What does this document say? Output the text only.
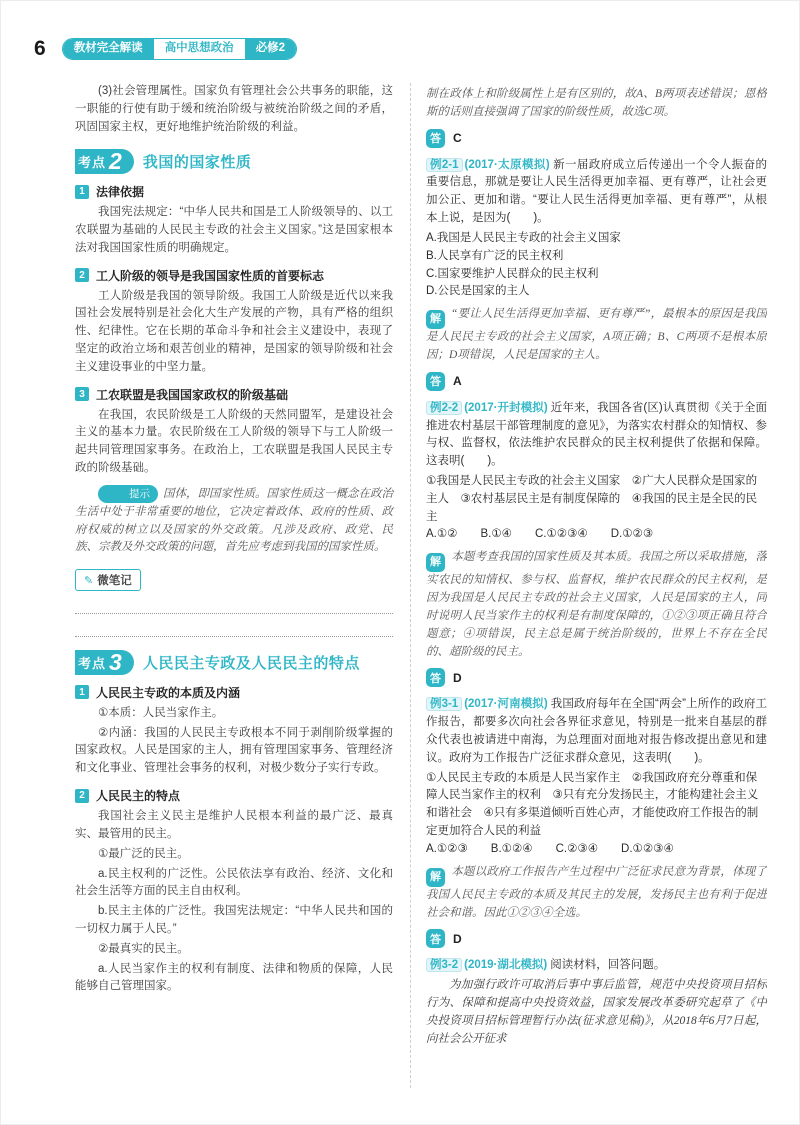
6	教材完全解读	高中思想政治	必修2

(3)社会管理属性。国家负有管理社会公共事务的职能，这一职能的行使有助于缓和统治阶级与被统治阶级之间的矛盾，巩固国家主权，更好地维护统治阶级的利益。

考点 2 我国的国家性质
1 法律依据

我国宪法规定：“中华人民共和国是工人阶级领导的、以工农联盟为基础的人民民主专政的社会主义国家。”这是国家根本法对我国国家性质的明确规定。

2 工人阶级的领导是我国国家性质的首要标志

工人阶级是我国的领导阶级。我国工人阶级是近代以来我国社会发展特别是社会化大生产发展的产物，具有严格的组织性、纪律性。它在长期的革命斗争和社会主义建设中，表现了坚定的政治立场和艰苦创业的精神，是国家的领导阶级和社会主义建设事业的中坚力量。

3 工农联盟是我国国家政权的阶级基础

在我国，农民阶级是工人阶级的天然同盟军，是建设社会主义的基本力量。农民阶级在工人阶级的领导下与工人阶级一起共同管理国家事务。在政治上，工农联盟是我国人民民主专政的阶级基础。

提示 国体，即国家性质。国家性质这一概念在政治生活中处于非常重要的地位，它决定着政体、政府的性质、政府权威的树立以及国家的外交政策。凡涉及政府、政党、民族、宗教及外交政策的问题，首先应考虑到我国的国家性质。

✎ 微笔记
考点 3 人民民主专政及人民民主的特点
1 人民民主专政的本质及内涵

①本质：人民当家作主。

②内涵：我国的人民民主专政根本不同于剥削阶级掌握的国家政权。人民是国家的主人，拥有管理国家事务、管理经济和文化事业、管理社会事务的权利，对极少数分子实行专政。

2 人民民主的特点

我国社会主义民主是维护人民根本利益的最广泛、最真实、最管用的民主。

①最广泛的民主。

a.民主权利的广泛性。公民依法享有政治、经济、文化和社会生活等方面的民主自由权利。

b.民主主体的广泛性。我国宪法规定：“中华人民共和国的一切权力属于人民。”

②最真实的民主。

a.人民当家作主的权利有制度、法律和物质的保障，人民能够自己管理国家。

制在政体上和阶级属性上是有区别的，故A、B两项表述错误；恩格斯的话则直接强调了国家的阶级性质，故选C项。

答	C

例2-1 (2017·太原模拟) 新一届政府成立后传递出一个令人振奋的重要信息，那就是要让人民生活得更加幸福、更有尊严，让社会更加公正、更加和谐。“要让人民生活得更加幸福、更有尊严”，从根本上说，是因为(　　)。

A.我国是人民民主专政的社会主义国家

B.人民享有广泛的民主权利

C.国家要维护人民群众的民主权利

D.公民是国家的主人

解 “要让人民生活得更加幸福、更有尊严”，最根本的原因是我国是人民民主专政的社会主义国家，A项正确；B、C两项不是根本原因；D项错误，人民是国家的主人。

答	A

例2-2 (2017·开封模拟) 近年来，我国各省(区)认真贯彻《关于全面推进农村基层干部管理制度的意见》，为落实农村群众的知情权、参与权、监督权，依法维护农民群众的民主权利提供了依据和保障。这表明(　　)。

①我国是人民民主专政的社会主义国家　②广大人民群众是国家的主人　③农村基层民主是有制度保障的　④我国的民主是全民的民主

A.①②　　B.①④　　C.①②③④　　D.①②③

解 本题考查我国的国家性质及其本质。我国之所以采取措施，落实农民的知情权、参与权、监督权，维护农民群众的民主权利，是因为我国是人民民主专政的社会主义国家，人民是国家的主人，同时说明人民当家作主的权利是有制度保障的，①②③项正确且符合题意；④项错误，民主总是属于统治阶级的，世界上不存在全民的、超阶级的民主。

答	D

例3-1 (2017·河南模拟) 我国政府每年在全国“两会”上所作的政府工作报告，都要多次向社会各界征求意见，特别是一批来自基层的群众代表也被请进中南海，为总理面对面地对报告修改提出意见和建议。政府为工作报告广泛征求群众意见，这表明(　　)。

①人民民主专政的本质是人民当家作主　②我国政府充分尊重和保障人民当家作主的权利　③只有充分发扬民主，才能构建社会主义和谐社会　④只有多渠道倾听百姓心声，才能使政府工作报告的制定更加符合人民的利益

A.①②③　　B.①②④　　C.②③④　　D.①②③④

解 本题以政府工作报告产生过程中广泛征求民意为背景，体现了我国人民民主专政的本质及其民主的发展，发扬民主也有利于促进社会和谐。因此①②③④全选。

答	D

例3-2 (2019·湖北模拟) 阅读材料，回答问题。

为加强行政许可取消后事中事后监管，规范中央投资项目招标行为、保障和提高中央投资效益，国家发展改革委研究起草了《中央投资项目招标管理暂行办法(征求意见稿)》，从2018年6月7日起，向社会公开征求
